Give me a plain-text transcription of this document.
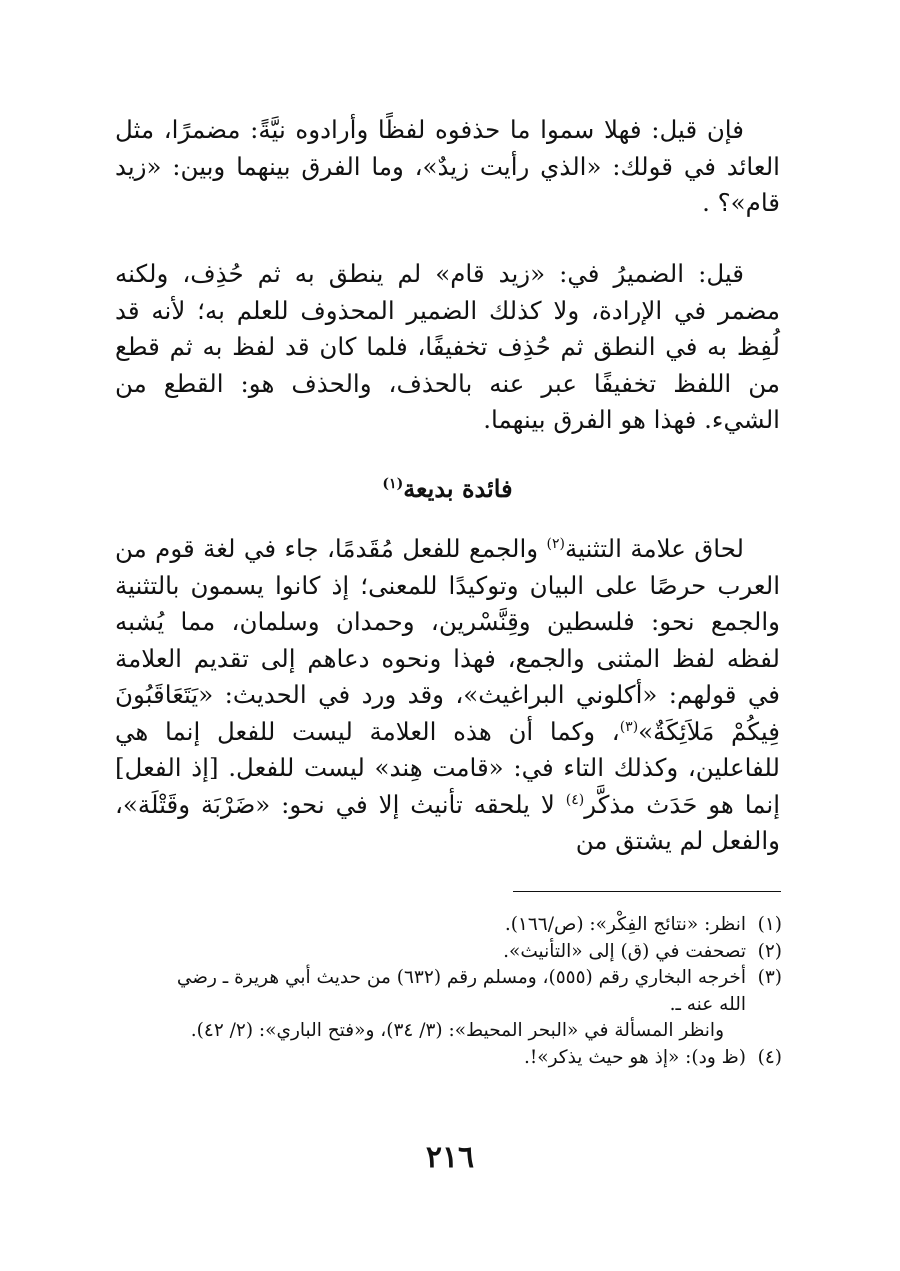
فإن قيل: فهلا سموا ما حذفوه لفظًا وأرادوه نيَّةً: مضمرًا، مثل العائد في قولك: «الذي رأيت زيدٌ»، وما الفرق بينهما وبين: «زيد قام»؟ .

قيل: الضميرُ في: «زيد قام» لم ينطق به ثم حُذِف، ولكنه مضمر في الإرادة، ولا كذلك الضمير المحذوف للعلم به؛ لأنه قد لُفِظ به في النطق ثم حُذِف تخفيفًا، فلما كان قد لفظ به ثم قطع من اللفظ تخفيفًا عبر عنه بالحذف، والحذف هو: القطع من الشيء. فهذا هو الفرق بينهما.

فائدة بديعة$^{(١)}$

لحاق علامة التثنية$^{(٢)}$ والجمع للفعل مُقَدمًا، جاء في لغة قوم من العرب حرصًا على البيان وتوكيدًا للمعنى؛ إذ كانوا يسمون بالتثنية والجمع نحو: فلسطين وقِنَّسْرين، وحمدان وسلمان، مما يُشبه لفظه لفظ المثنى والجمع، فهذا ونحوه دعاهم إلى تقديم العلامة في قولهم: «أكلوني البراغيث»، وقد ورد في الحديث: «يَتَعَاقَبُونَ فِيكُمْ مَلاَئِكَةٌ»$^{(٣)}$، وكما أن هذه العلامة ليست للفعل إنما هي للفاعلين، وكذلك التاء في: «قامت هِند» ليست للفعل. [إذ الفعل] إنما هو حَدَث مذكَّر$^{(٤)}$ لا يلحقه تأنيث إلا في نحو: «ضَرْبَة وقَتْلَة»، والفعل لم يشتق من

(١)
انظر: «نتائج الفِكْر»: (ص/١٦٦).
(٢)
تصحفت في (ق) إلى «التأنيث».
(٣)
أخرجه البخاري رقم (٥٥٥)، ومسلم رقم (٦٣٢) من حديث أبي هريرة ـ رضي
الله عنه ـ.
وانظر المسألة في «البحر المحيط»: (٣/ ٣٤)، و«فتح الباري»: (٢/ ٤٢).
(٤)
(ظ ود): «إذ هو حيث يذكر»!.
٢١٦
